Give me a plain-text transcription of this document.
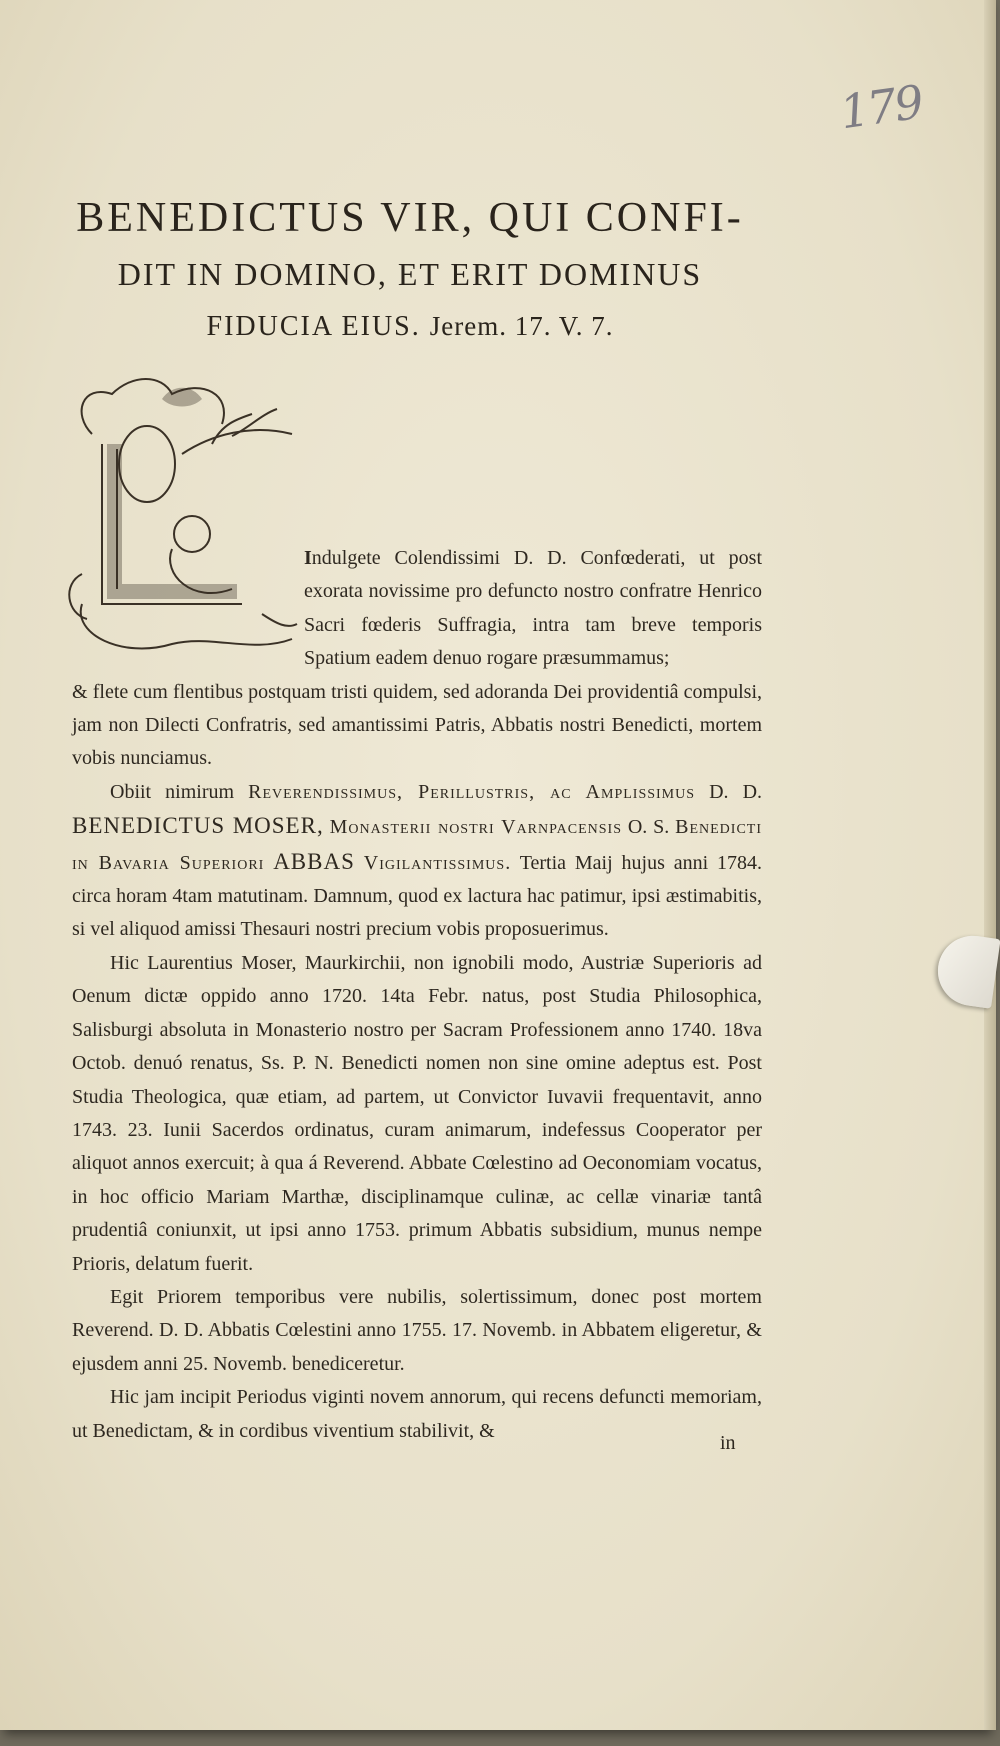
179
BENEDICTUS VIR, QUI CONFI-
DIT IN DOMINO, ET ERIT DOMINUS
FIDUCIA EIUS. Jerem. 17. V. 7.

Indulgete Colendissimi D. D. Confœderati, ut post exorata novissime pro defuncto nostro confratre Henrico Sacri fœderis Suffragia, intra tam breve temporis Spatium eadem denuo rogare præsummamus;

& flete cum flentibus postquam tristi quidem, sed adoranda Dei providentiâ compulsi, jam non Dilecti Confratris, sed amantissimi Patris, Abbatis nostri Benedicti, mortem vobis nunciamus.

Obiit nimirum Reverendissimus, Perillustris, ac Amplissimus D. D. BENEDICTUS MOSER, Monasterii nostri Varnpacensis O. S. Benedicti in Bavaria Superiori ABBAS Vigilantissimus. Tertia Maij hujus anni 1784. circa horam 4tam matutinam. Damnum, quod ex lactura hac patimur, ipsi æstimabitis, si vel aliquod amissi Thesauri nostri precium vobis proposuerimus.

Hic Laurentius Moser, Maurkirchii, non ignobili modo, Austriæ Superioris ad Oenum dictæ oppido anno 1720. 14ta Febr. natus, post Studia Philosophica, Salisburgi absoluta in Monasterio nostro per Sacram Professionem anno 1740. 18va Octob. denuó renatus, Ss. P. N. Benedicti nomen non sine omine adeptus est. Post Studia Theologica, quæ etiam, ad partem, ut Convictor Iuvavii frequentavit, anno 1743. 23. Iunii Sacerdos ordinatus, curam animarum, indefessus Cooperator per aliquot annos exercuit; à qua á Reverend. Abbate Cœlestino ad Oeconomiam vocatus, in hoc officio Mariam Marthæ, disciplinamque culinæ, ac cellæ vinariæ tantâ prudentiâ coniunxit, ut ipsi anno 1753. primum Abbatis subsidium, munus nempe Prioris, delatum fuerit.

Egit Priorem temporibus vere nubilis, solertissimum, donec post mortem Reverend. D. D. Abbatis Cœlestini anno 1755. 17. Novemb. in Abbatem eligeretur, & ejusdem anni 25. Novemb. benediceretur.

Hic jam incipit Periodus viginti novem annorum, qui recens defuncti memoriam, ut Benedictam, & in cordibus viventium stabilivit, &

in
